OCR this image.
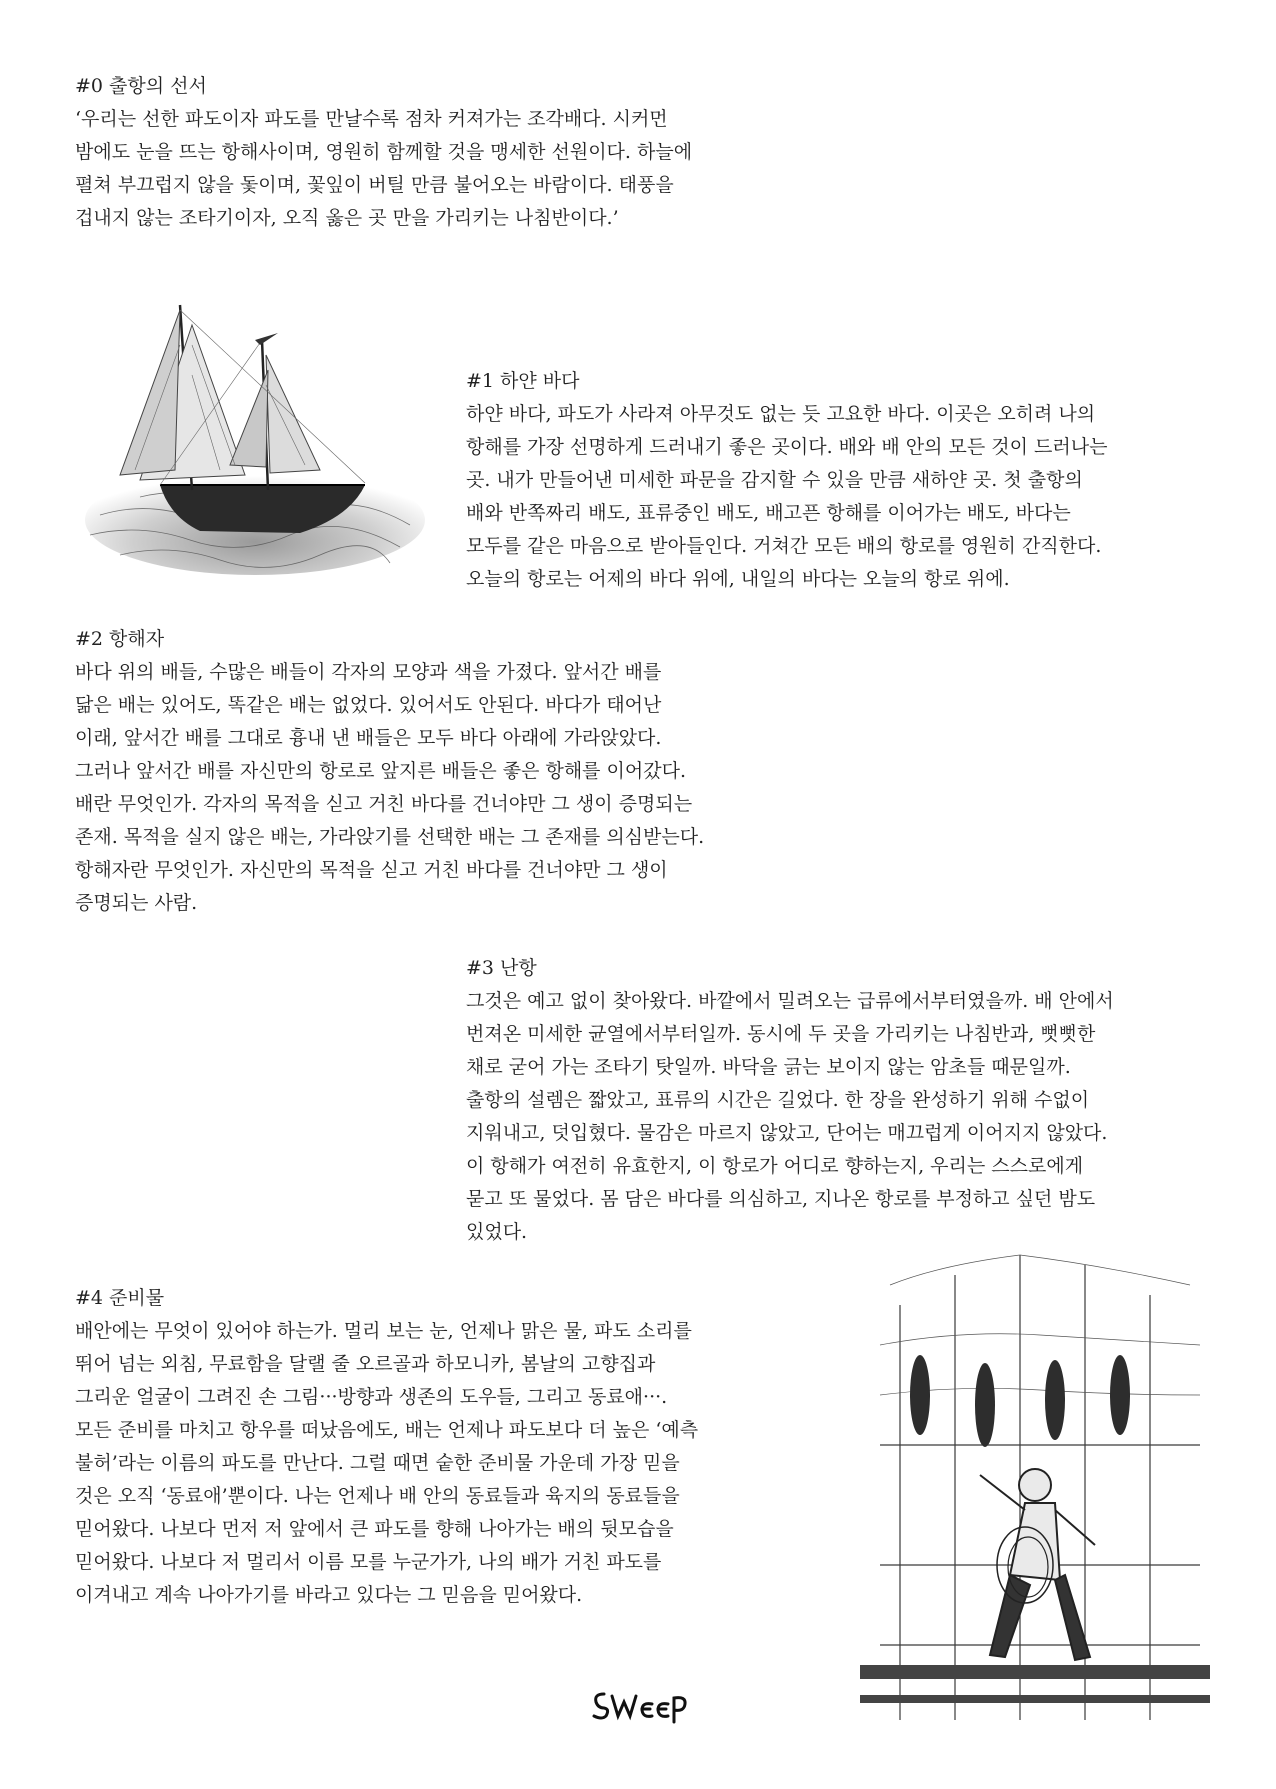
#0 출항의 선서

‘우리는 선한 파도이자 파도를 만날수록 점차 커져가는 조각배다. 시커먼
밤에도 눈을 뜨는 항해사이며, 영원히 함께할 것을 맹세한 선원이다. 하늘에
펼쳐 부끄럽지 않을 돛이며, 꽃잎이 버틸 만큼 불어오는 바람이다. 태풍을
겁내지 않는 조타기이자, 오직 옳은 곳 만을 가리키는 나침반이다.’

#1 하얀 바다

하얀 바다, 파도가 사라져 아무것도 없는 듯 고요한 바다. 이곳은 오히려 나의
항해를 가장 선명하게 드러내기 좋은 곳이다. 배와 배 안의 모든 것이 드러나는
곳. 내가 만들어낸 미세한 파문을 감지할 수 있을 만큼 새하얀 곳. 첫 출항의
배와 반쪽짜리 배도, 표류중인 배도, 배고픈 항해를 이어가는 배도, 바다는
모두를 같은 마음으로 받아들인다. 거쳐간 모든 배의 항로를 영원히 간직한다.
오늘의 항로는 어제의 바다 위에, 내일의 바다는 오늘의 항로 위에.

#2 항해자

바다 위의 배들, 수많은 배들이 각자의 모양과 색을 가졌다. 앞서간 배를
닮은 배는 있어도, 똑같은 배는 없었다. 있어서도 안된다. 바다가 태어난
이래, 앞서간 배를 그대로 흉내 낸 배들은 모두 바다 아래에 가라앉았다.
그러나 앞서간 배를 자신만의 항로로 앞지른 배들은 좋은 항해를 이어갔다.
배란 무엇인가. 각자의 목적을 싣고 거친 바다를 건너야만 그 생이 증명되는
존재. 목적을 실지 않은 배는, 가라앉기를 선택한 배는 그 존재를 의심받는다.
항해자란 무엇인가. 자신만의 목적을 싣고 거친 바다를 건너야만 그 생이
증명되는 사람.

#3 난항

그것은 예고 없이 찾아왔다. 바깥에서 밀려오는 급류에서부터였을까. 배 안에서
번져온 미세한 균열에서부터일까. 동시에 두 곳을 가리키는 나침반과, 뻣뻣한
채로 굳어 가는 조타기 탓일까. 바닥을 긁는 보이지 않는 암초들 때문일까.
출항의 설렘은 짧았고, 표류의 시간은 길었다. 한 장을 완성하기 위해 수없이
지워내고, 덧입혔다. 물감은 마르지 않았고, 단어는 매끄럽게 이어지지 않았다.
이 항해가 여전히 유효한지, 이 항로가 어디로 향하는지, 우리는 스스로에게
묻고 또 물었다. 몸 담은 바다를 의심하고, 지나온 항로를 부정하고 싶던 밤도
있었다.

#4 준비물

배안에는 무엇이 있어야 하는가. 멀리 보는 눈, 언제나 맑은 물, 파도 소리를
뛰어 넘는 외침, 무료함을 달랠 줄 오르골과 하모니카, 봄날의 고향집과
그리운 얼굴이 그려진 손 그림···방향과 생존의 도우들, 그리고 동료애···.
모든 준비를 마치고 항우를 떠났음에도, 배는 언제나 파도보다 더 높은 ‘예측
불허’라는 이름의 파도를 만난다. 그럴 때면 숱한 준비물 가운데 가장 믿을
것은 오직 ‘동료애’뿐이다. 나는 언제나 배 안의 동료들과 육지의 동료들을
믿어왔다. 나보다 먼저 저 앞에서 큰 파도를 향해 나아가는 배의 뒷모습을
믿어왔다. 나보다 저 멀리서 이름 모를 누군가가, 나의 배가 거친 파도를
이겨내고 계속 나아가기를 바라고 있다는 그 믿음을 믿어왔다.
